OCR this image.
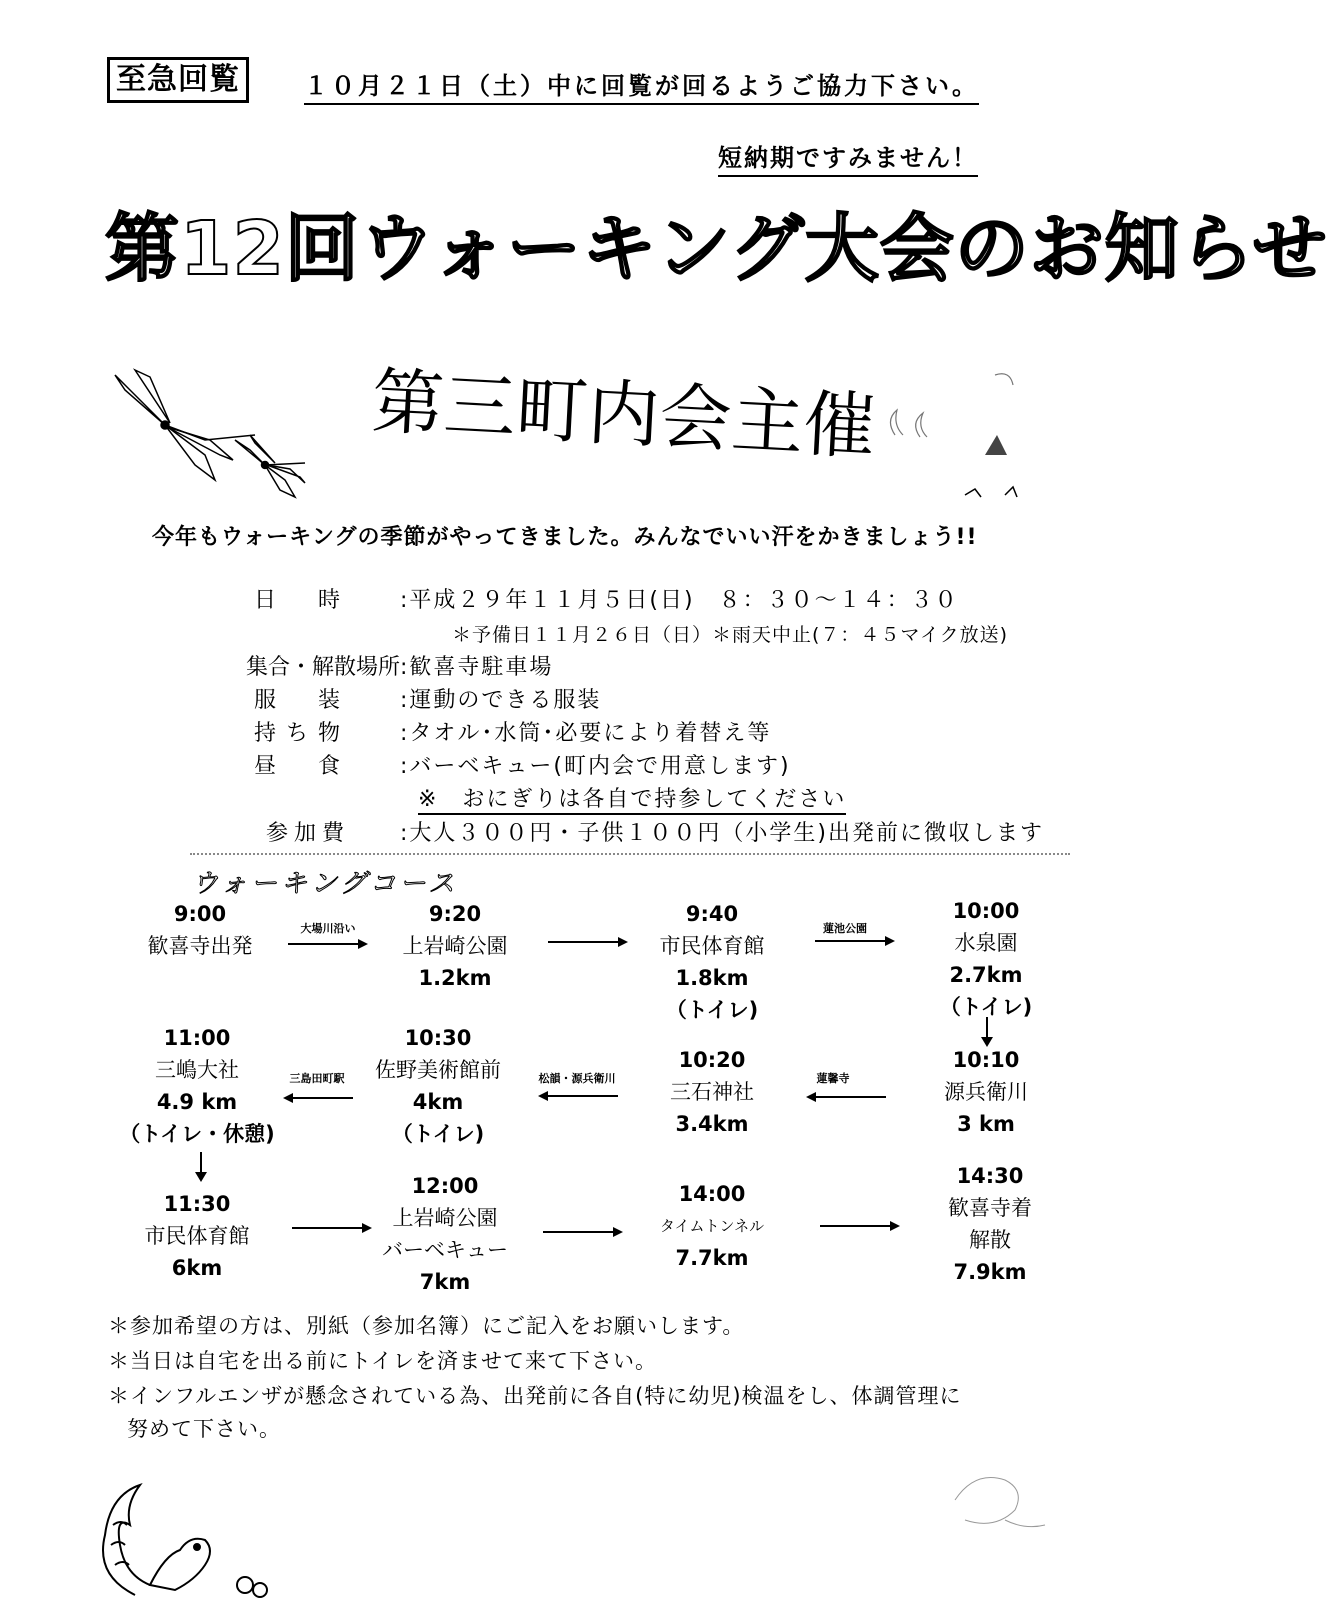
至急回覧	１０月２１日（土）中に回覧が回るようご協力下さい。
短納期ですみません！
第12回ウォーキング大会のお知らせ
第三町内会主催
今年もウォーキングの季節がやってきました。みんなでいい汗をかきましょう!!
日　時 :平成２９年１１月５日(日)　８：３０～１４：３０
＊予備日１１月２６日（日）＊雨天中止(７：４５マイク放送)
集合・解散場所 :歓喜寺駐車場
服　装 :運動のできる服装
持ち物 :タオル･水筒･必要により着替え等
昼　食 :バーベキュー(町内会で用意します)
※　おにぎりは各自で持参してください
参加費 :大人３００円・子供１００円（小学生)出発前に徴収します
ウォーキングコース
9:00
歓喜寺出発
9:20
上岩崎公園
1.2km
9:40
市民体育館
1.8km
（トイレ)
10:00
水泉園
2.7km
（トイレ)
大場川沿い	蓮池公園
10:10
源兵衛川
3 km
10:20
三石神社
3.4km
10:30
佐野美術館前
4km
（トイレ)
11:00
三嶋大社
4.9 km
（トイレ・休憩)
蓮馨寺
松韻・源兵衛川
三島田町駅
11:30
市民体育館
6km
12:00
上岩崎公園
バーベキュー
7km
14:00
タイムトンネル
7.7km
14:30
歓喜寺着
解散
7.9km
＊参加希望の方は、別紙（参加名簿）にご記入をお願いします。
＊当日は自宅を出る前にトイレを済ませて来て下さい。
＊インフルエンザが懸念されている為、出発前に各自(特に幼児)検温をし、体調管理に
努めて下さい。
